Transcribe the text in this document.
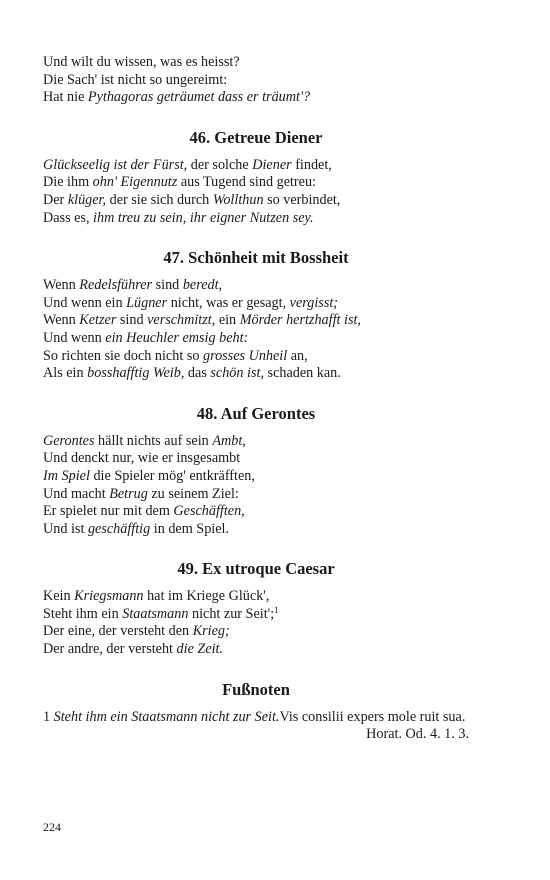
Und wilt du wissen, was es heisst?
Die Sach' ist nicht so ungereimt:
Hat nie Pythagoras geträumet dass er träumt'?
46. Getreue Diener
Glückseelig ist der Fürst, der solche Diener findet,
Die ihm ohn' Eigennutz aus Tugend sind getreu:
Der klüger, der sie sich durch Wollthun so verbindet,
Dass es, ihm treu zu sein, ihr eigner Nutzen sey.
47. Schönheit mit Bossheit
Wenn Redelsführer sind beredt,
Und wenn ein Lügner nicht, was er gesagt, vergisst;
Wenn Ketzer sind verschmitzt, ein Mörder hertzhafft ist,
Und wenn ein Heuchler emsig beht:
So richten sie doch nicht so grosses Unheil an,
Als ein bosshafftig Weib, das schön ist, schaden kan.
48. Auf Gerontes
Gerontes hällt nichts auf sein Ambt,
Und denckt nur, wie er insgesambt
Im Spiel die Spieler mög' entkräfften,
Und macht Betrug zu seinem Ziel:
Er spielet nur mit dem Geschäfften,
Und ist geschäfftig in dem Spiel.
49. Ex utroque Caesar
Kein Kriegsmann hat im Kriege Glück',
Steht ihm ein Staatsmann nicht zur Seit';$^1$
Der eine, der versteht den Krieg;
Der andre, der versteht die Zeit.
Fußnoten
1 Steht ihm ein Staatsmann nicht zur Seit.Vis consilii expers mole ruit sua.
Horat. Od. 4. 1. 3.
224
